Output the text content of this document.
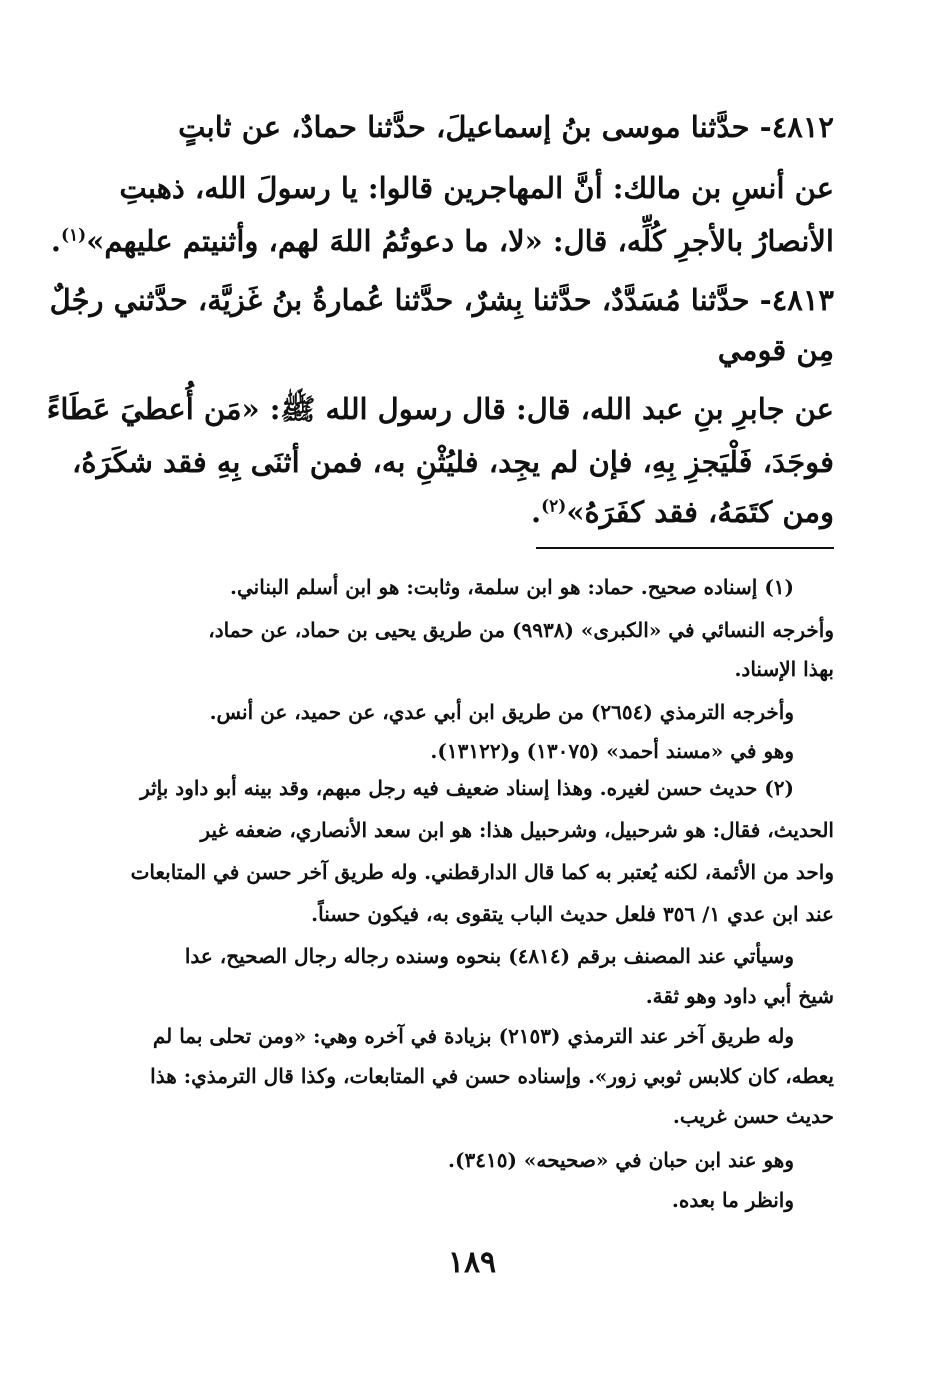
٤٨١٢- حدَّثنا موسى بنُ إسماعيلَ، حدَّثنا حمادٌ، عن ثابتٍ
عن أنسِ بن مالك: أنَّ المهاجرين قالوا: يا رسولَ الله، ذهبتِ
الأنصارُ بالأجرِ كُلِّه، قال: «لا، ما دعوتُمُ اللهَ لهم، وأثنيتم عليهم»$^{(١)}$.
٤٨١٣- حدَّثنا مُسَدَّدٌ، حدَّثنا بِشرٌ، حدَّثنا عُمارةُ بنُ غَزيَّة، حدَّثني رجُلٌ
مِن قومي
عن جابرِ بنِ عبد الله، قال: قال رسول الله ﷺ: «مَن أُعطيَ عَطَاءً
فوجَدَ، فَلْيَجزِ بِهِ، فإن لم يجِد، فليُثْنِ به، فمن أثنَى بِهِ فقد شكَرَهُ،
ومن كتَمَهُ، فقد كفَرَهُ»$^{(٢)}$.
(١) إسناده صحيح. حماد: هو ابن سلمة، وثابت: هو ابن أسلم البناني.
وأخرجه النسائي في «الكبرى» (٩٩٣٨) من طريق يحيى بن حماد، عن حماد،
بهذا الإسناد.
وأخرجه الترمذي (٢٦٥٤) من طريق ابن أبي عدي، عن حميد، عن أنس.
وهو في «مسند أحمد» (١٣٠٧٥) و(١٣١٢٢).
(٢) حديث حسن لغيره. وهذا إسناد ضعيف فيه رجل مبهم، وقد بينه أبو داود بإثر
الحديث، فقال: هو شرحبيل، وشرحبيل هذا: هو ابن سعد الأنصاري، ضعفه غير
واحد من الأئمة، لكنه يُعتبر به كما قال الدارقطني. وله طريق آخر حسن في المتابعات
عند ابن عدي ١/ ٣٥٦ فلعل حديث الباب يتقوى به، فيكون حسناً.
وسيأتي عند المصنف برقم (٤٨١٤) بنحوه وسنده رجاله رجال الصحيح، عدا
شيخ أبي داود وهو ثقة.
وله طريق آخر عند الترمذي (٢١٥٣) بزيادة في آخره وهي: «ومن تحلى بما لم
يعطه، كان كلابس ثوبي زور». وإسناده حسن في المتابعات، وكذا قال الترمذي: هذا
حديث حسن غريب.
وهو عند ابن حبان في «صحيحه» (٣٤١٥).
وانظر ما بعده.
١٨٩
